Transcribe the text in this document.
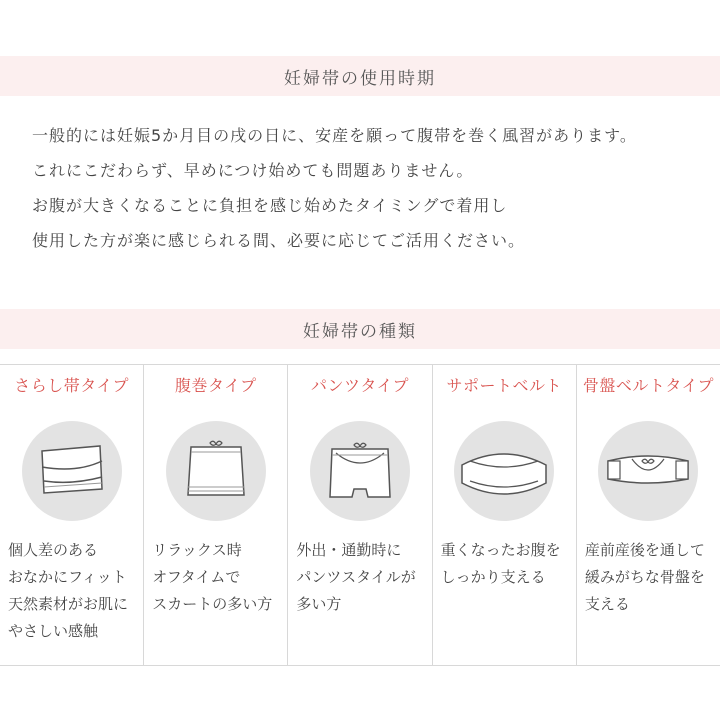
妊婦帯の使用時期

一般的には妊娠5か月目の戌の日に、安産を願って腹帯を巻く風習があります。

これにこだわらず、早めにつけ始めても問題ありません。

お腹が大きくなることに負担を感じ始めたタイミングで着用し

使用した方が楽に感じられる間、必要に応じてご活用ください。

妊婦帯の種類
さらし帯タイプ

個人差のある

おなかにフィット

天然素材がお肌に

やさしい感触

腹巻タイプ

リラックス時

オフタイムで

スカートの多い方

パンツタイプ

外出・通勤時に

パンツスタイルが

多い方

サポートベルト

重くなったお腹を

しっかり支える

骨盤ベルトタイプ

産前産後を通して

緩みがちな骨盤を

支える
